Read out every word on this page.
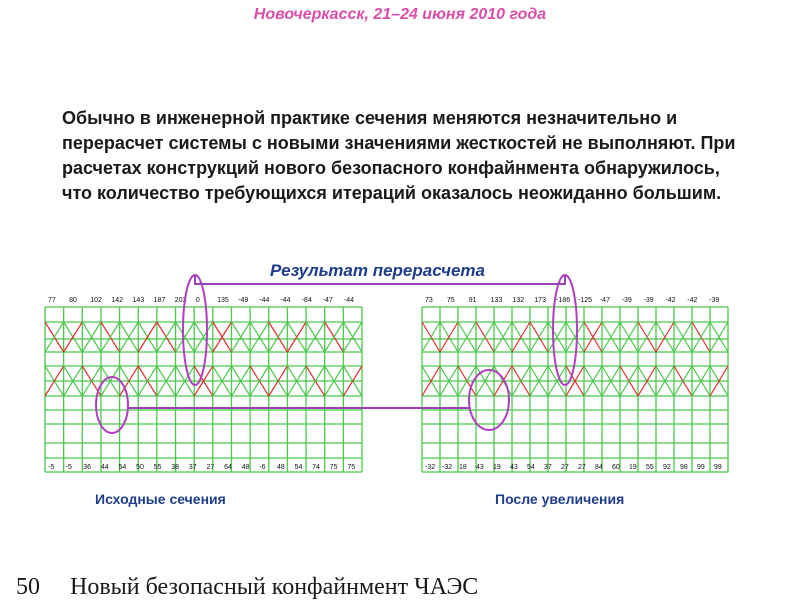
Новочеркасск, 21–24 июня 2010 года
Обычно в инженерной практике сечения меняются незначительно и перерасчет системы с новыми значениями жесткостей не выполняют. При расчетах конструкций нового безопасного конфайнмента обнаружилось, что количество требующихся итераций оказалось неожиданно большим.
Результат перерасчета
77 80 102 142 143 187 203 0 135 -49 -44 -44 -84 -47 -44
-5 -5 36 44 54 50 55 38 37 27 64 48 -6 48 54 74 75 75
73 75 91 133 132 173 -186 -125 -47 -39 -39 -42 -42 -39
-32 -32 18 43 19 43 54 37 27 27 84 60 19 55 92 98 99 99
Исходные сечения	После увеличения
50 Новый безопасный конфайнмент ЧАЭС
